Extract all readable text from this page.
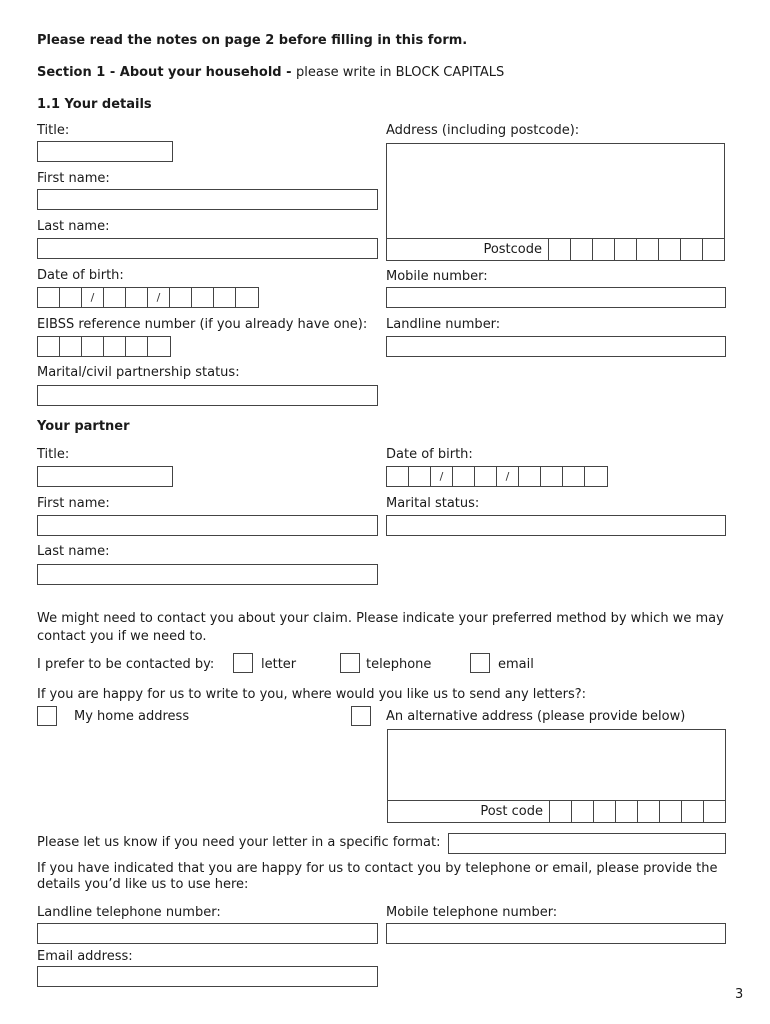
Please read the notes on page 2 before filling in this form.
Section 1 - About your household - please write in BLOCK CAPITALS
1.1 Your details
Title:
First name:
Last name:
Date of birth:
/	/
EIBSS reference number (if you already have one):
Marital/civil partnership status:
Address (including postcode):
Postcode
Mobile number:
Landline number:
Your partner
Title:
First name:
Last name:
Date of birth:
/	/
Marital status:
We might need to contact you about your claim. Please indicate your preferred method by which we may contact you if we need to.
I prefer to be contacted by:	letter	telephone	email
If you are happy for us to write to you, where would you like us to send any letters?:
My home address	An alternative address (please provide below)
Post code
Please let us know if you need your letter in a specific format:
If you have indicated that you are happy for us to contact you by telephone or email, please provide the details you’d like us to use here:
Landline telephone number:	Mobile telephone number:
Email address:
3
